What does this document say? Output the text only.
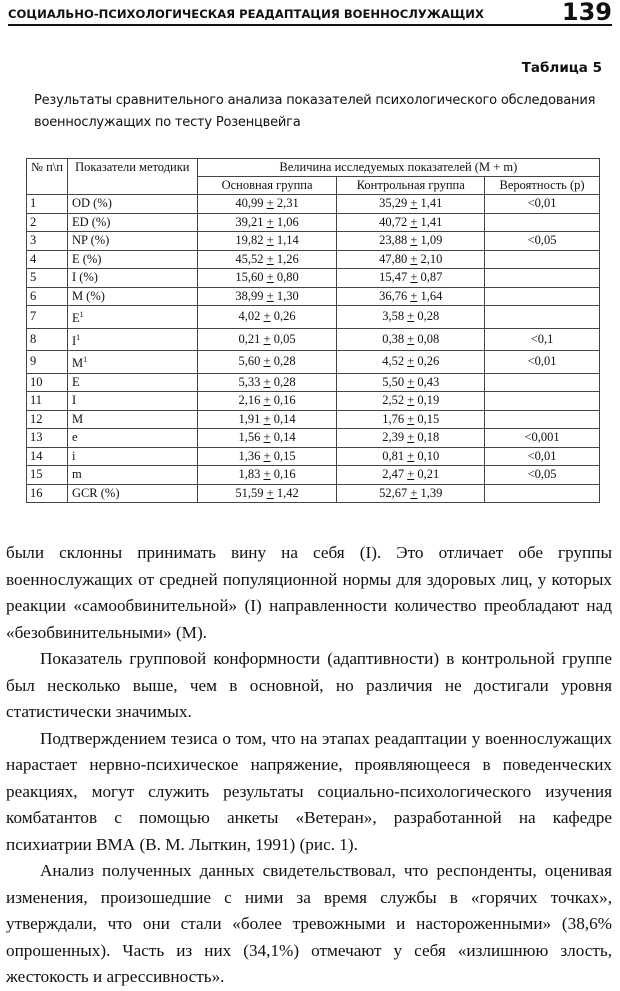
СОЦИАЛЬНО-ПСИХОЛОГИЧЕСКАЯ РЕАДАПТАЦИЯ ВОЕННОСЛУЖАЩИХ	139
Таблица 5
Результаты сравнительного анализа показателей психологического обследования военнослужащих по тесту Розенцвейга
№ п\п	Показатели методики	Величина исследуемых показателей (M + m)		
		Основная группа	Контрольная группа	Вероятность (p)
1	OD (%)	40,99 + 2,31	35,29 + 1,41	<0,01
2	ED (%)	39,21 + 1,06	40,72 + 1,41	
3	NP (%)	19,82 + 1,14	23,88 + 1,09	<0,05
4	E (%)	45,52 + 1,26	47,80 + 2,10	
5	I (%)	15,60 + 0,80	15,47 + 0,87	
6	M (%)	38,99 + 1,30	36,76 + 1,64	
7	$E^1$	4,02 + 0,26	3,58 + 0,28	
8	$I^1$	0,21 + 0,05	0,38 + 0,08	<0,1
9	$M^1$	5,60 + 0,28	4,52 + 0,26	<0,01
10	E	5,33 + 0,28	5,50 + 0,43	
11	I	2,16 + 0,16	2,52 + 0,19	
12	M	1,91 + 0,14	1,76 + 0,15	
13	e	1,56 + 0,14	2,39 + 0,18	<0,001
14	i	1,36 + 0,15	0,81 + 0,10	<0,01
15	m	1,83 + 0,16	2,47 + 0,21	<0,05
16	GCR (%)	51,59 + 1,42	52,67 + 1,39	

были склонны принимать вину на себя (I). Это отличает обе группы военнослужащих от средней популяционной нормы для здоровых лиц, у которых реакции «самообвинительной» (I) направленности количество преобладают над «безобвинительными» (M).

Показатель групповой конформности (адаптивности) в контрольной группе был несколько выше, чем в основной, но различия не достигали уровня статистически значимых.

Подтверждением тезиса о том, что на этапах реадаптации у военнослужащих нарастает нервно-психическое напряжение, проявляющееся в поведенческих реакциях, могут служить результаты социально-психологического изучения комбатантов с помощью анкеты «Ветеран», разработанной на кафедре психиатрии ВМА (В. М. Лыткин, 1991) (рис. 1).

Анализ полученных данных свидетельствовал, что респонденты, оценивая изменения, произошедшие с ними за время службы в «горячих точках», утверждали, что они стали «более тревожными и настороженными» (38,6% опрошенных). Часть из них (34,1%) отмечают у себя «излишнюю злость, жестокость и агрессивность».
